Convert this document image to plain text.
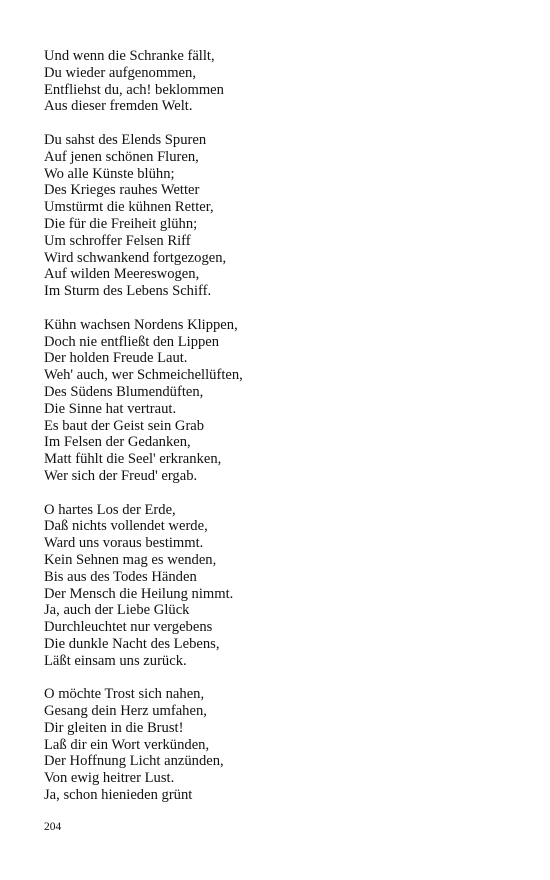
Und wenn die Schranke fällt,
Du wieder aufgenommen,
Entfliehst du, ach! beklommen
Aus dieser fremden Welt.
Du sahst des Elends Spuren
Auf jenen schönen Fluren,
Wo alle Künste blühn;
Des Krieges rauhes Wetter
Umstürmt die kühnen Retter,
Die für die Freiheit glühn;
Um schroffer Felsen Riff
Wird schwankend fortgezogen,
Auf wilden Meereswogen,
Im Sturm des Lebens Schiff.
Kühn wachsen Nordens Klippen,
Doch nie entfließt den Lippen
Der holden Freude Laut.
Weh' auch, wer Schmeichellüften,
Des Südens Blumendüften,
Die Sinne hat vertraut.
Es baut der Geist sein Grab
Im Felsen der Gedanken,
Matt fühlt die Seel' erkranken,
Wer sich der Freud' ergab.
O hartes Los der Erde,
Daß nichts vollendet werde,
Ward uns voraus bestimmt.
Kein Sehnen mag es wenden,
Bis aus des Todes Händen
Der Mensch die Heilung nimmt.
Ja, auch der Liebe Glück
Durchleuchtet nur vergebens
Die dunkle Nacht des Lebens,
Läßt einsam uns zurück.
O möchte Trost sich nahen,
Gesang dein Herz umfahen,
Dir gleiten in die Brust!
Laß dir ein Wort verkünden,
Der Hoffnung Licht anzünden,
Von ewig heitrer Lust.
Ja, schon hienieden grünt
204
